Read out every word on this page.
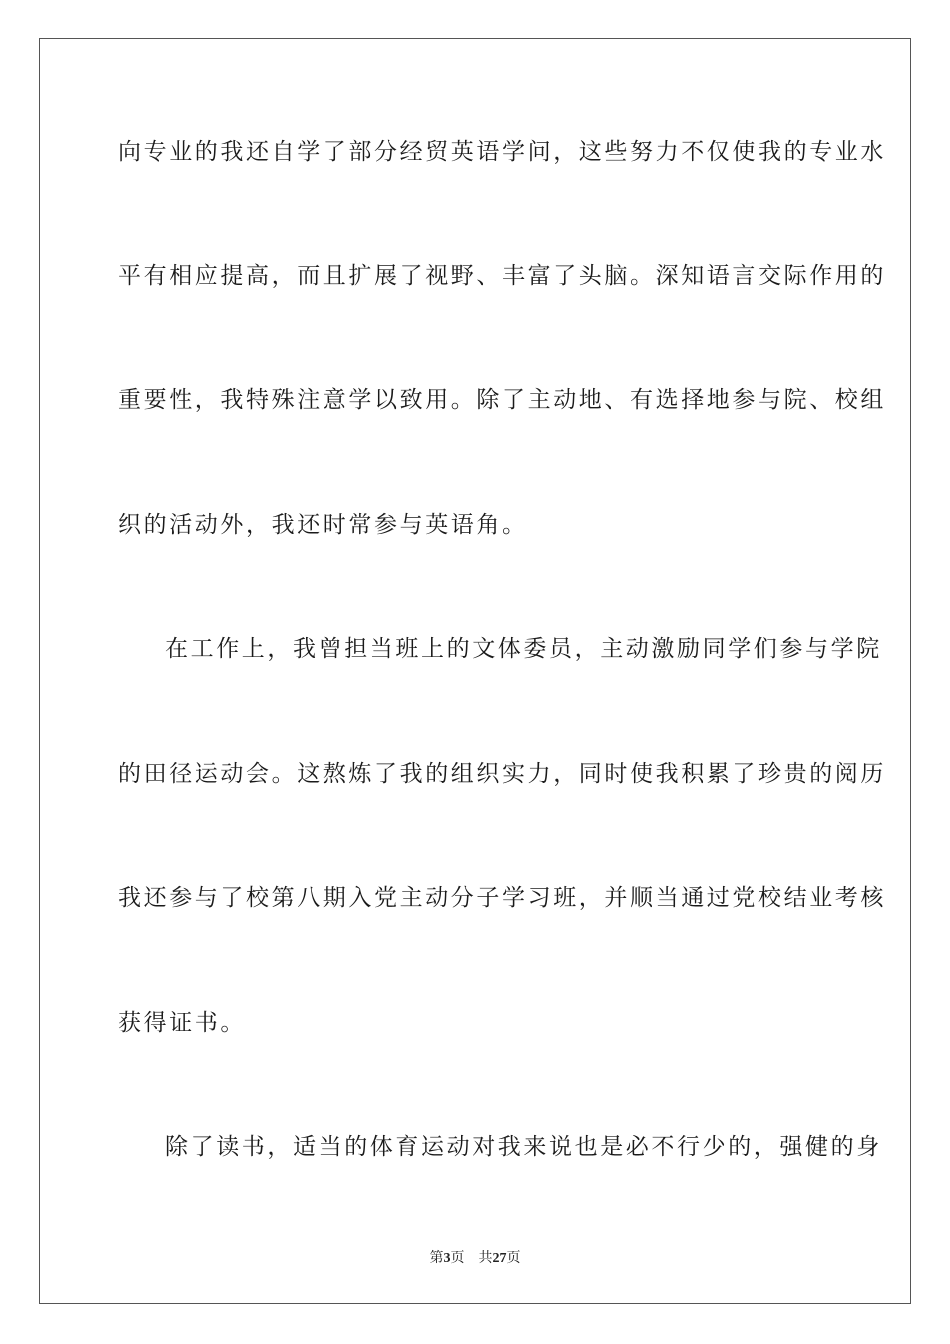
向专业的我还自学了部分经贸英语学问，这些努力不仅使我的专业水
平有相应提高，而且扩展了视野、丰富了头脑。深知语言交际作用的
重要性，我特殊注意学以致用。除了主动地、有选择地参与院、校组
织的活动外，我还时常参与英语角。
在工作上，我曾担当班上的文体委员，主动激励同学们参与学院
的田径运动会。这熬炼了我的组织实力，同时使我积累了珍贵的阅历
我还参与了校第八期入党主动分子学习班，并顺当通过党校结业考核
获得证书。
除了读书，适当的体育运动对我来说也是必不行少的，强健的身
第3页 共27页
